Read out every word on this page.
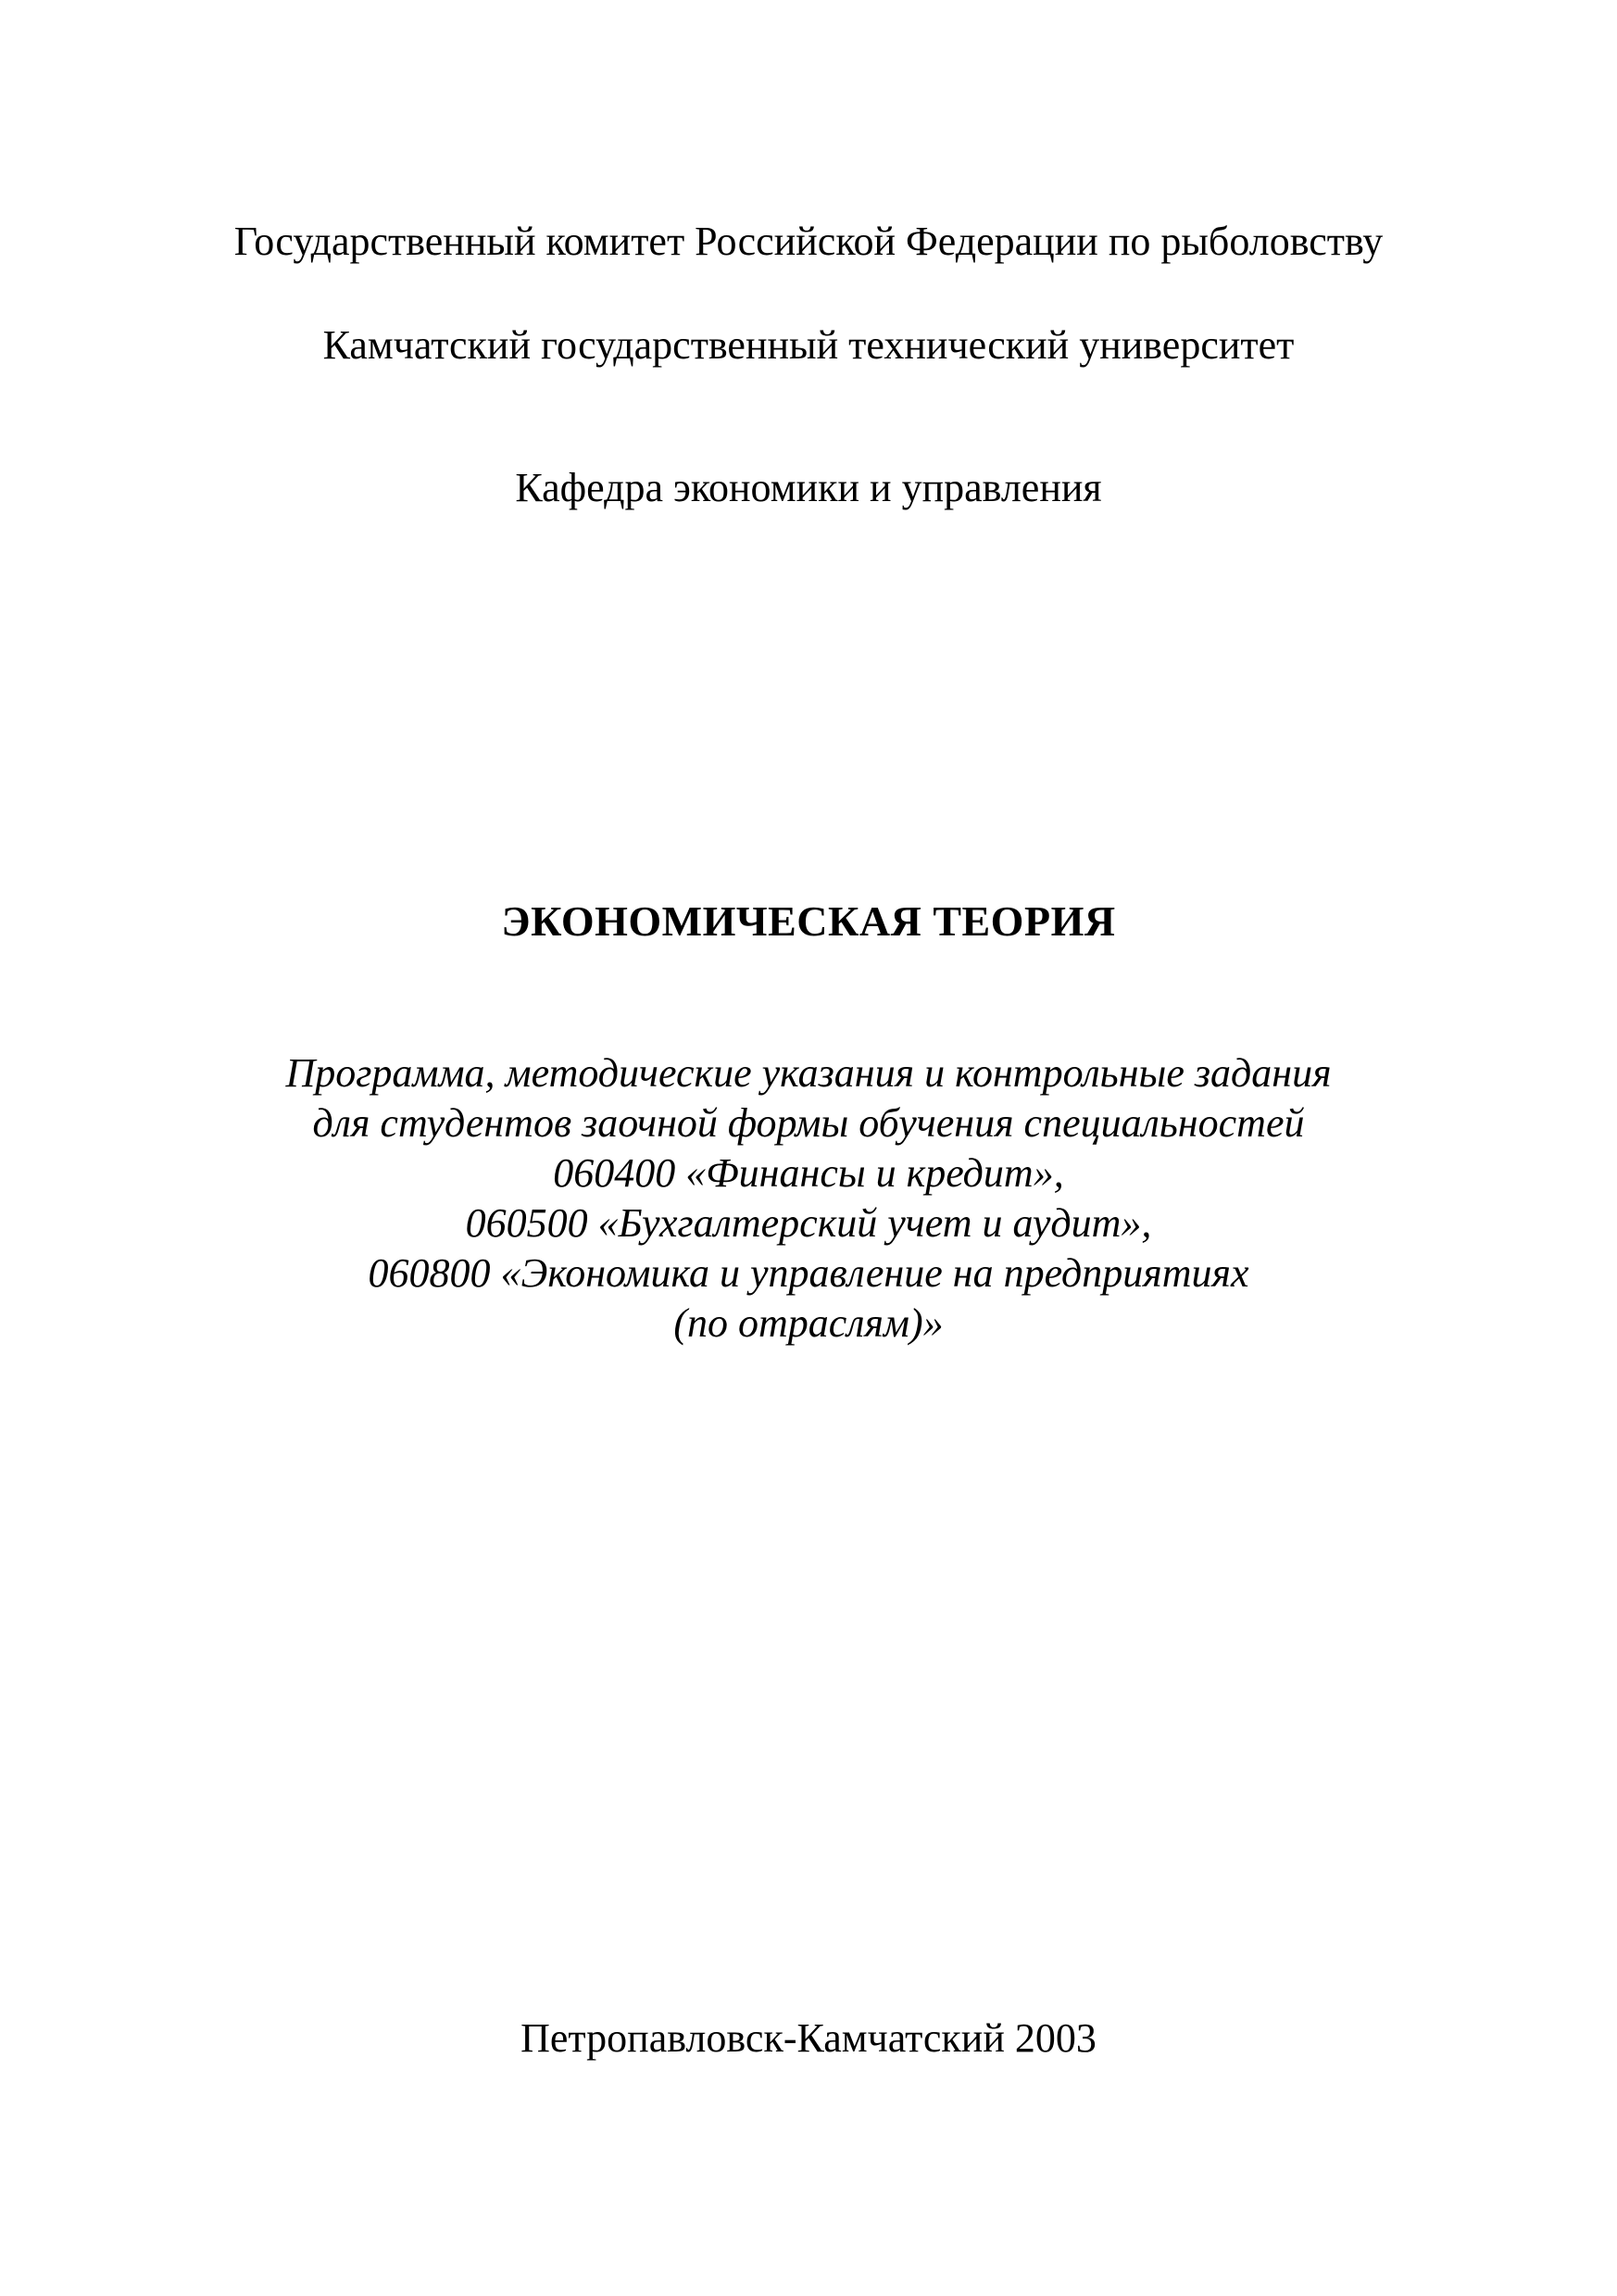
Государственный комитет Российской Федерации по рыболовству

Камчатский государственный технический университет

Кафедра экономики и управления

ЭКОНОМИЧЕСКАЯ ТЕОРИЯ
Программа, методические указания и контрольные задания
для студентов заочной формы обучения специальностей
060400 «Финансы и кредит»,
060500 «Бухгалтерский учет и аудит»,
060800 «Экономика и управление на предприятиях
(по отраслям)»

Петропавловск-Камчатский 2003
